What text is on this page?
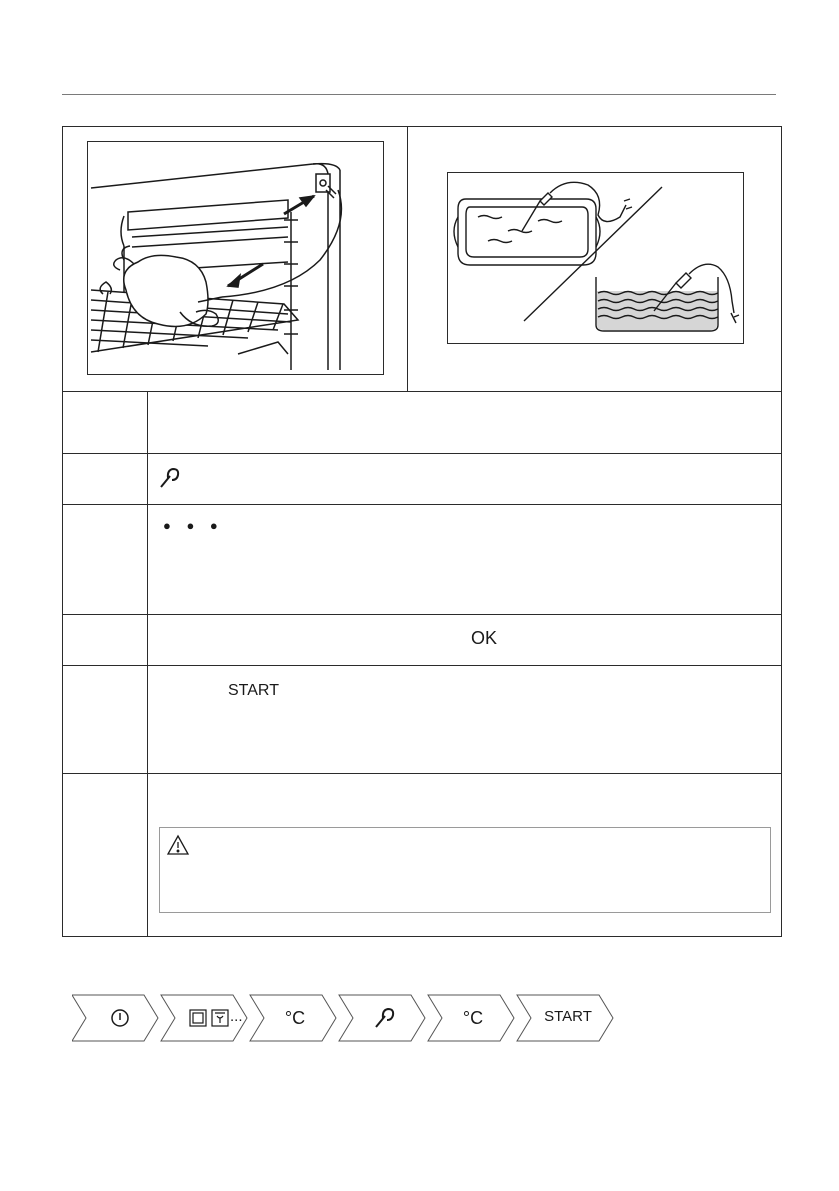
● ● ●
OK
START
...	°C	°C	START
